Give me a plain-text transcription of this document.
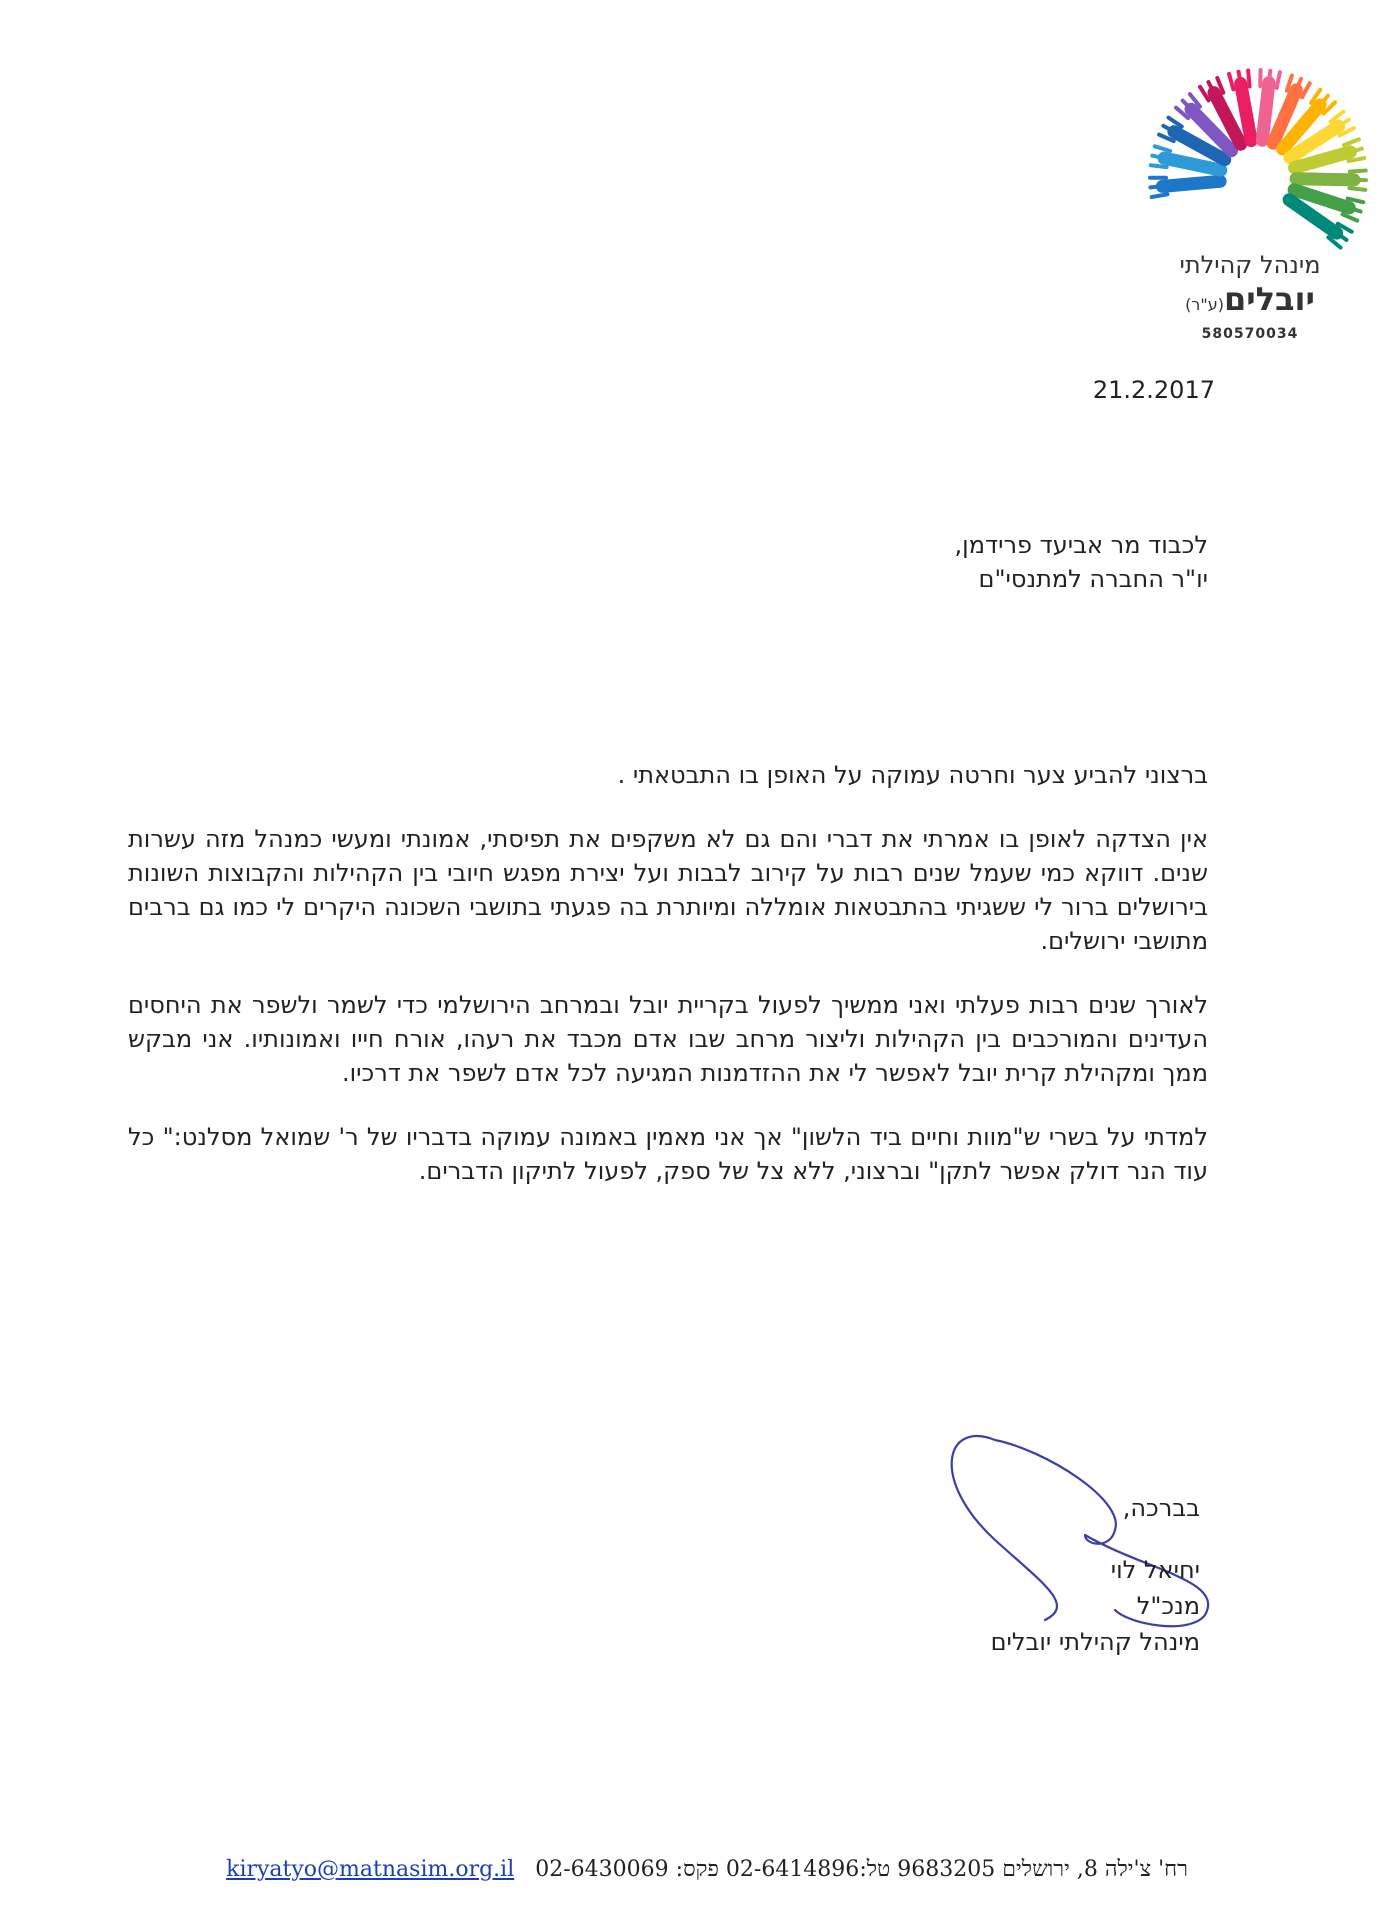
מינהל קהילתי
יובלים(ע"ר)
580570034
21.2.2017
לכבוד מר אביעד פרידמן,
יו"ר החברה למתנסי"ם

ברצוני להביע צער וחרטה עמוקה על האופן בו התבטאתי .

אין הצדקה לאופן בו אמרתי את דברי והם גם לא משקפים את תפיסתי, אמונתי ומעשי כמנהל מזה עשרות שנים. דווקא כמי שעמל שנים רבות על קירוב לבבות ועל יצירת מפגש חיובי בין הקהילות והקבוצות השונות בירושלים ברור לי ששגיתי בהתבטאות אומללה ומיותרת בה פגעתי בתושבי השכונה היקרים לי כמו גם ברבים מתושבי ירושלים.

לאורך שנים רבות פעלתי ואני ממשיך לפעול בקריית יובל ובמרחב הירושלמי כדי לשמר ולשפר את היחסים העדינים והמורכבים בין הקהילות וליצור מרחב שבו אדם מכבד את רעהו, אורח חייו ואמונותיו. אני מבקש ממך ומקהילת קרית יובל לאפשר לי את ההזדמנות המגיעה לכל אדם לשפר את דרכיו.

למדתי על בשרי ש"מוות וחיים ביד הלשון" אך אני מאמין באמונה עמוקה בדבריו של ר' שמואל מסלנט:" כל עוד הנר דולק אפשר לתקן" וברצוני, ללא צל של ספק, לפעול לתיקון הדברים.

בברכה,
יחיאל לוי
מנכ"ל
מינהל קהילתי יובלים
רח' צ'ילה 8, ירושלים 9683205 טל:02-6414896 פקס: 02-6430069 kiryatyo@matnasim.org.il
